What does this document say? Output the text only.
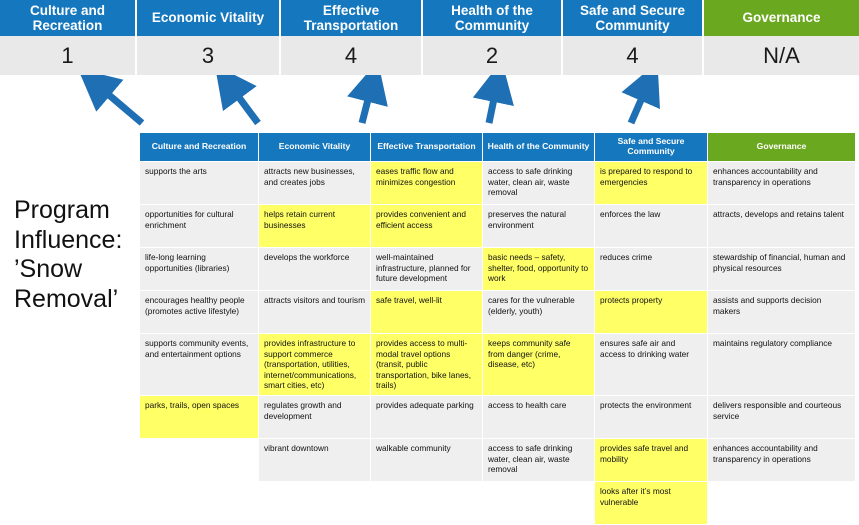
Culture and Recreation
Economic Vitality
Effective Transportation
Health of the Community
Safe and Secure Community
Governance
1	3	4	2	4	N/A
Program Influence: ’Snow Removal’
Culture and Recreation	Economic Vitality	Effective Transportation	Health of the Community	Safe and Secure Community	Governance
supports the arts	attracts new businesses, and creates jobs	eases traffic flow and minimizes congestion	access to safe drinking water, clean air, waste removal	is prepared to respond to emergencies	enhances accountability and transparency in operations
opportunities for cultural enrichment	helps retain current businesses	provides convenient and efficient access	preserves the natural environment	enforces the law	attracts, develops and retains talent
life-long learning opportunities (libraries)	develops the workforce	well-maintained infrastructure, planned for future development	basic needs – safety, shelter, food, opportunity to work	reduces crime	stewardship of financial, human and physical resources
encourages healthy people (promotes active lifestyle)	attracts visitors and tourism	safe travel, well-lit	cares for the vulnerable (elderly, youth)	protects property	assists and supports decision makers
supports community events, and entertainment options	provides infrastructure to support commerce (transportation, utilities, internet/communications, smart cities, etc)	provides access to multi-modal travel options (transit, public transportation, bike lanes, trails)	keeps community safe from danger (crime, disease, etc)	ensures safe air and access to drinking water	maintains regulatory compliance
parks, trails, open spaces	regulates growth and development	provides adequate parking	access to health care	protects the environment	delivers responsible and courteous service
	vibrant downtown	walkable community	access to safe drinking water, clean air, waste removal	provides safe travel and mobility	enhances accountability and transparency in operations
				looks after it’s most vulnerable	
